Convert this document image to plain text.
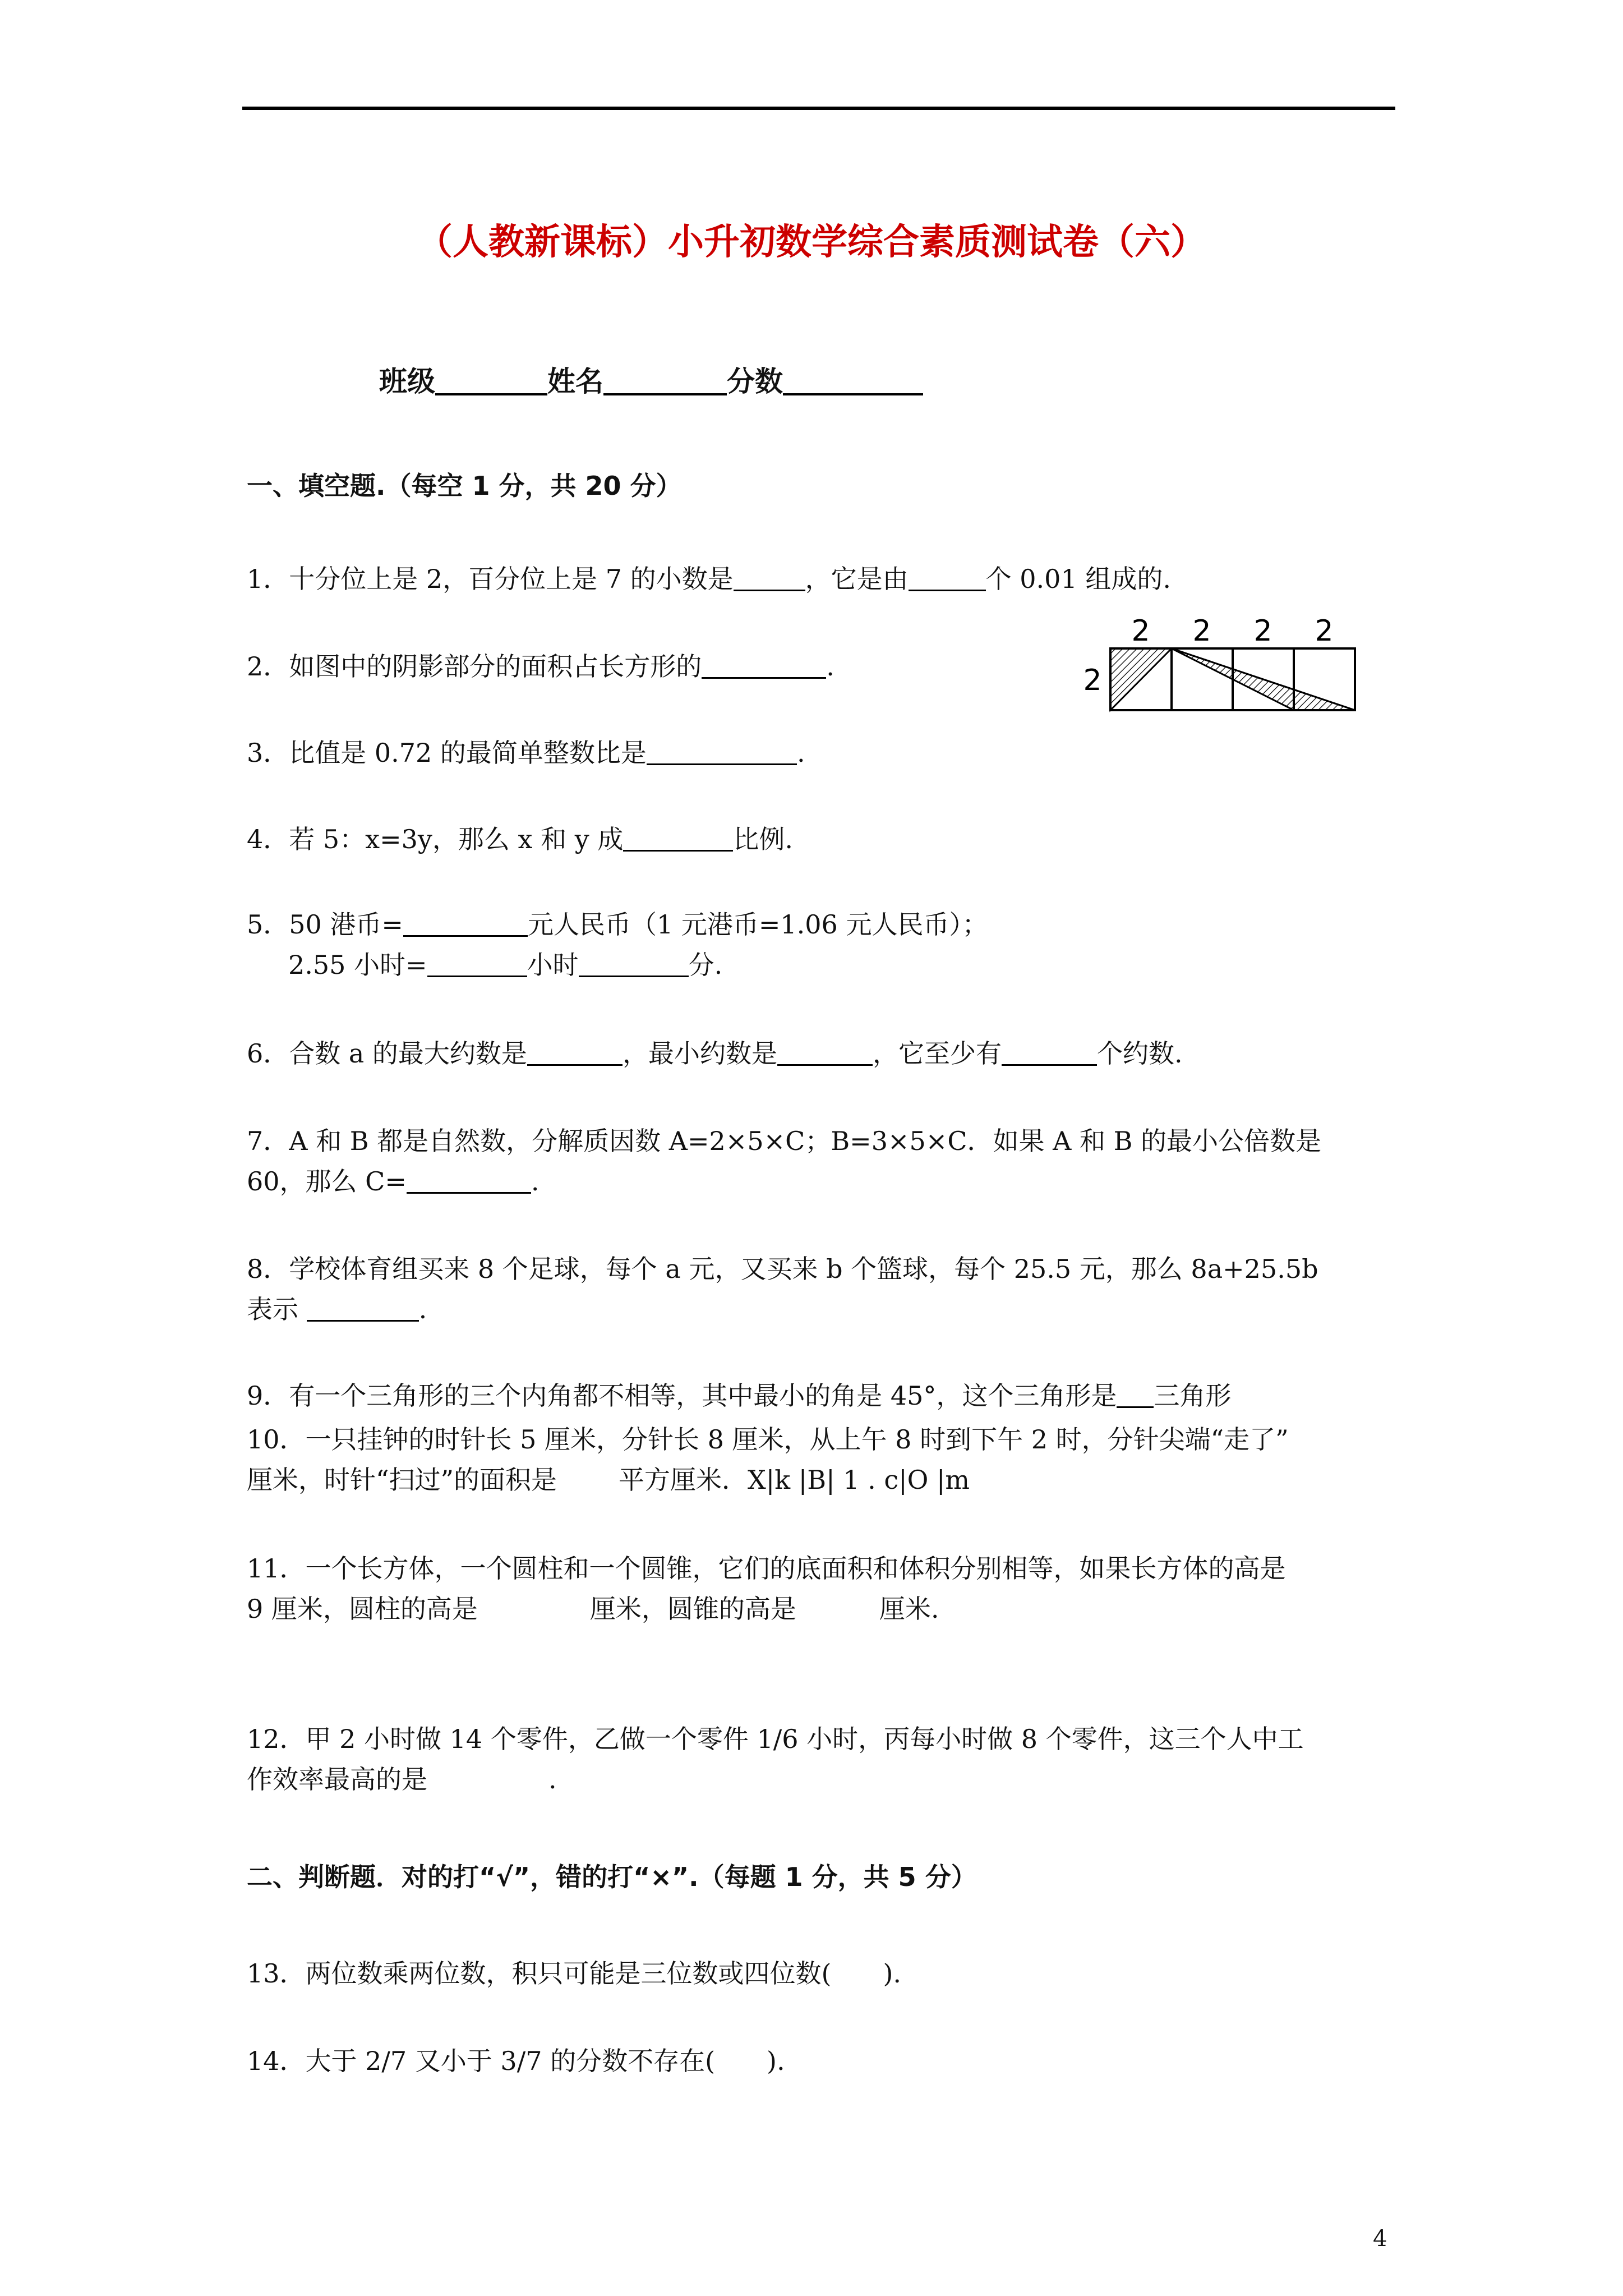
（人教新课标）小升初数学综合素质测试卷（六）
班级	姓名	分数
一、填空题.（每空 1 分，共 20 分）
1．十分位上是 2，百分位上是 7 的小数是	，它是由	个 0.01 组成的.
2．如图中的阴影部分的面积占长方形的	.
2 2 2 2
2
3．比值是 0.72 的最简单整数比是	.
4．若 5：x=3y，那么 x 和 y 成	比例.
5．50 港币=	元人民币（1 元港币=1.06 元人民币）；
2.55 小时=	小时	分.
6．合数 a 的最大约数是	，最小约数是	，它至少有	个约数.
7．A 和 B 都是自然数，分解质因数 A=2×5×C；B=3×5×C．如果 A 和 B 的最小公倍数是
60，那么 C=	.
8．学校体育组买来 8 个足球，每个 a 元，又买来 b 个篮球，每个 25.5 元，那么 8a+25.5b
表示	.
9．有一个三角形的三个内角都不相等，其中最小的角是 45°，这个三角形是 三角形
10．一只挂钟的时针长 5 厘米，分针长 8 厘米，从上午 8 时到下午 2 时，分针尖端“走了”
厘米，时针“扫过”的面积是 平方厘米．X|k |B| 1 . c|O |m
11．一个长方体，一个圆柱和一个圆锥，它们的底面积和体积分别相等，如果长方体的高是
9 厘米，圆柱的高是	厘米，圆锥的高是	厘米.
12．甲 2 小时做 14 个零件，乙做一个零件 1/6 小时，丙每小时做 8 个零件，这三个人中工
作效率最高的是	.
二、判断题．对的打“√”，错的打“×”.（每题 1 分，共 5 分）
13．两位数乘两位数，积只可能是三位数或四位数(　　).
14．大于 2/7 又小于 3/7 的分数不存在(　　).
4
